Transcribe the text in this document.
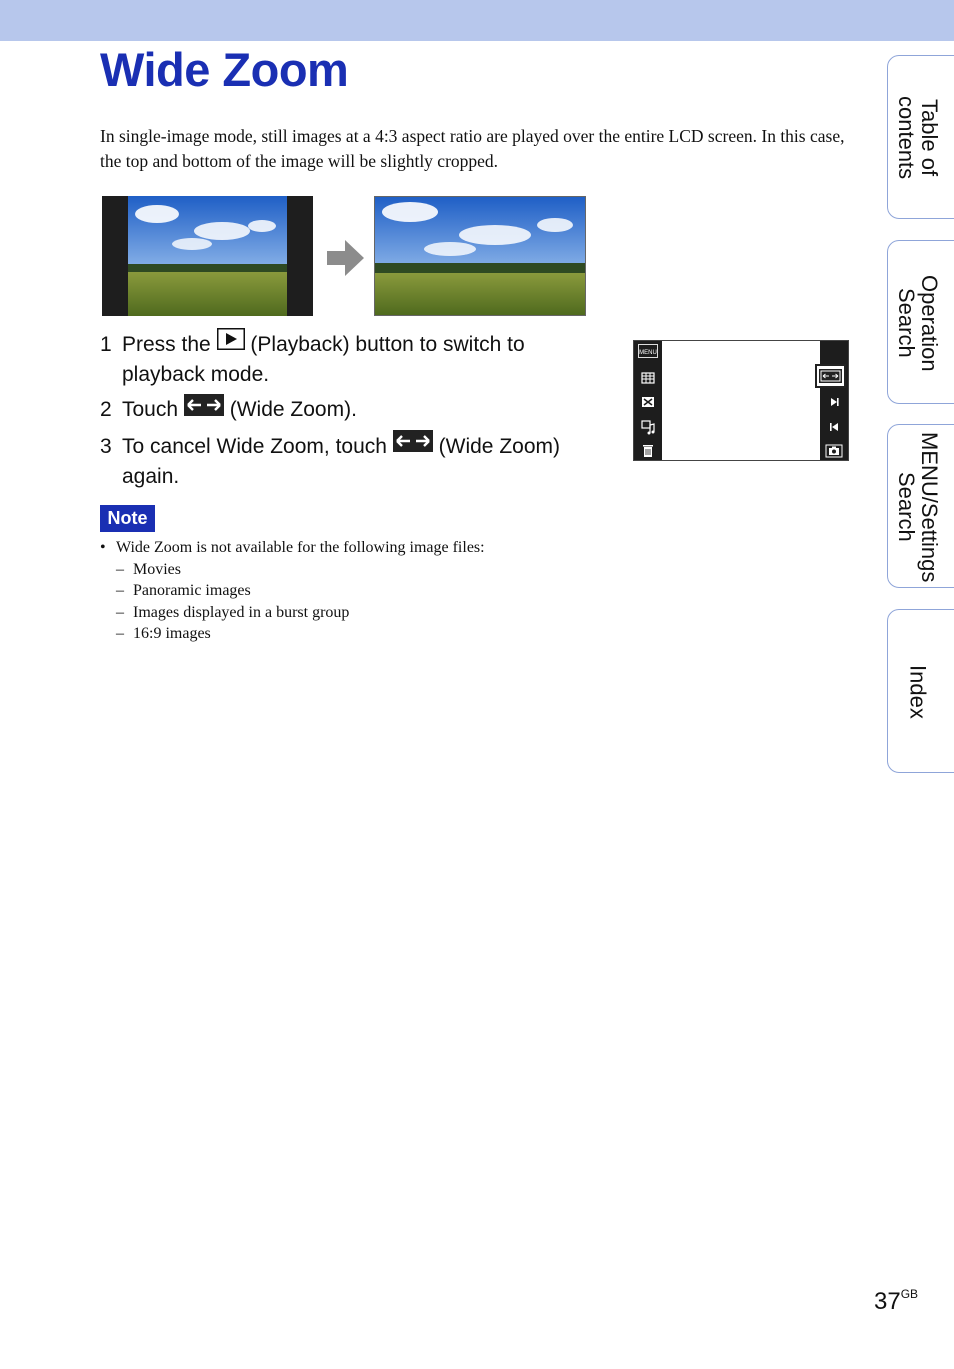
Wide Zoom

In single-image mode, still images at a 4:3 aspect ratio are played over the entire LCD screen. In this case, the top and bottom of the image will be slightly cropped.

1 Press the (Playback) button to switch to playback mode.
2 Touch (Wide Zoom).
3 To cancel Wide Zoom, touch (Wide Zoom) again.
MENU
Note
• Wide Zoom is not available for the following image files:
– Movies
– Panoramic images
– Images displayed in a burst group
– 16:9 images
Table of contents
Operation Search
MENU/Settings Search
Index
$37^{GB}$
